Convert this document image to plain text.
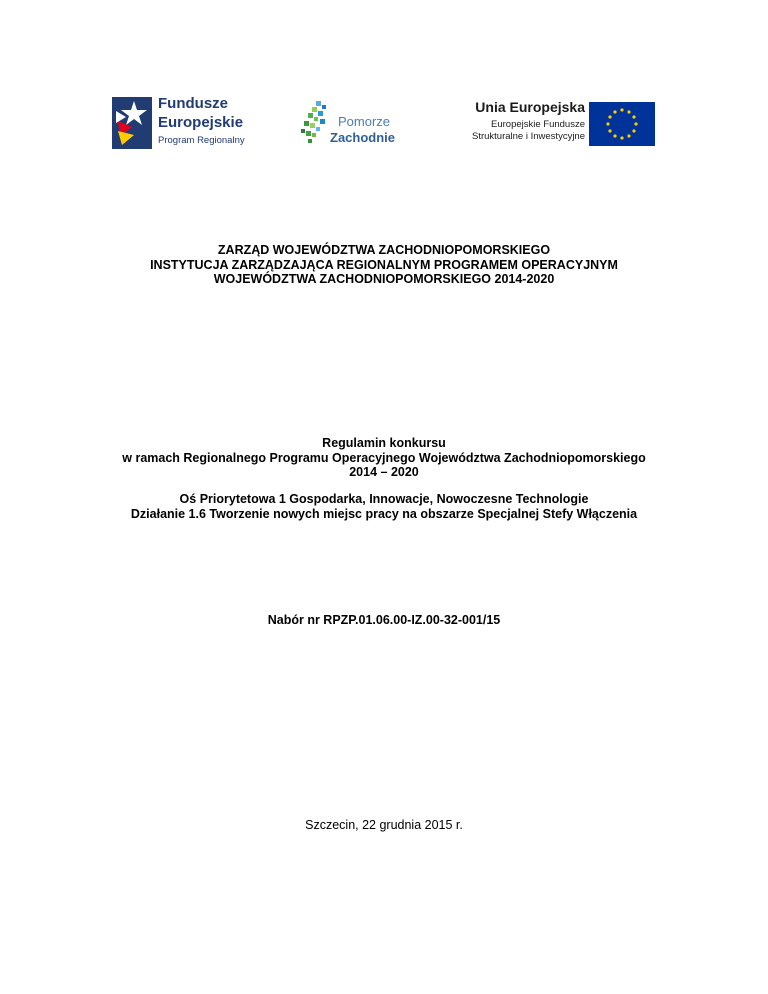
Fundusze
Europejskie
Program Regionalny
Pomorze
Zachodnie
Unia Europejska
Europejskie Fundusze
Strukturalne i Inwestycyjne
ZARZĄD WOJEWÓDZTWA ZACHODNIOPOMORSKIEGO
INSTYTUCJA ZARZĄDZAJĄCA REGIONALNYM PROGRAMEM OPERACYJNYM
WOJEWÓDZTWA ZACHODNIOPOMORSKIEGO 2014-2020
Regulamin konkursu
w ramach Regionalnego Programu Operacyjnego Województwa Zachodniopomorskiego
2014 – 2020
Oś Priorytetowa 1 Gospodarka, Innowacje, Nowoczesne Technologie
Działanie 1.6 Tworzenie nowych miejsc pracy na obszarze Specjalnej Stefy Włączenia
Nabór nr RPZP.01.06.00-IZ.00-32-001/15
Szczecin, 22 grudnia 2015 r.
